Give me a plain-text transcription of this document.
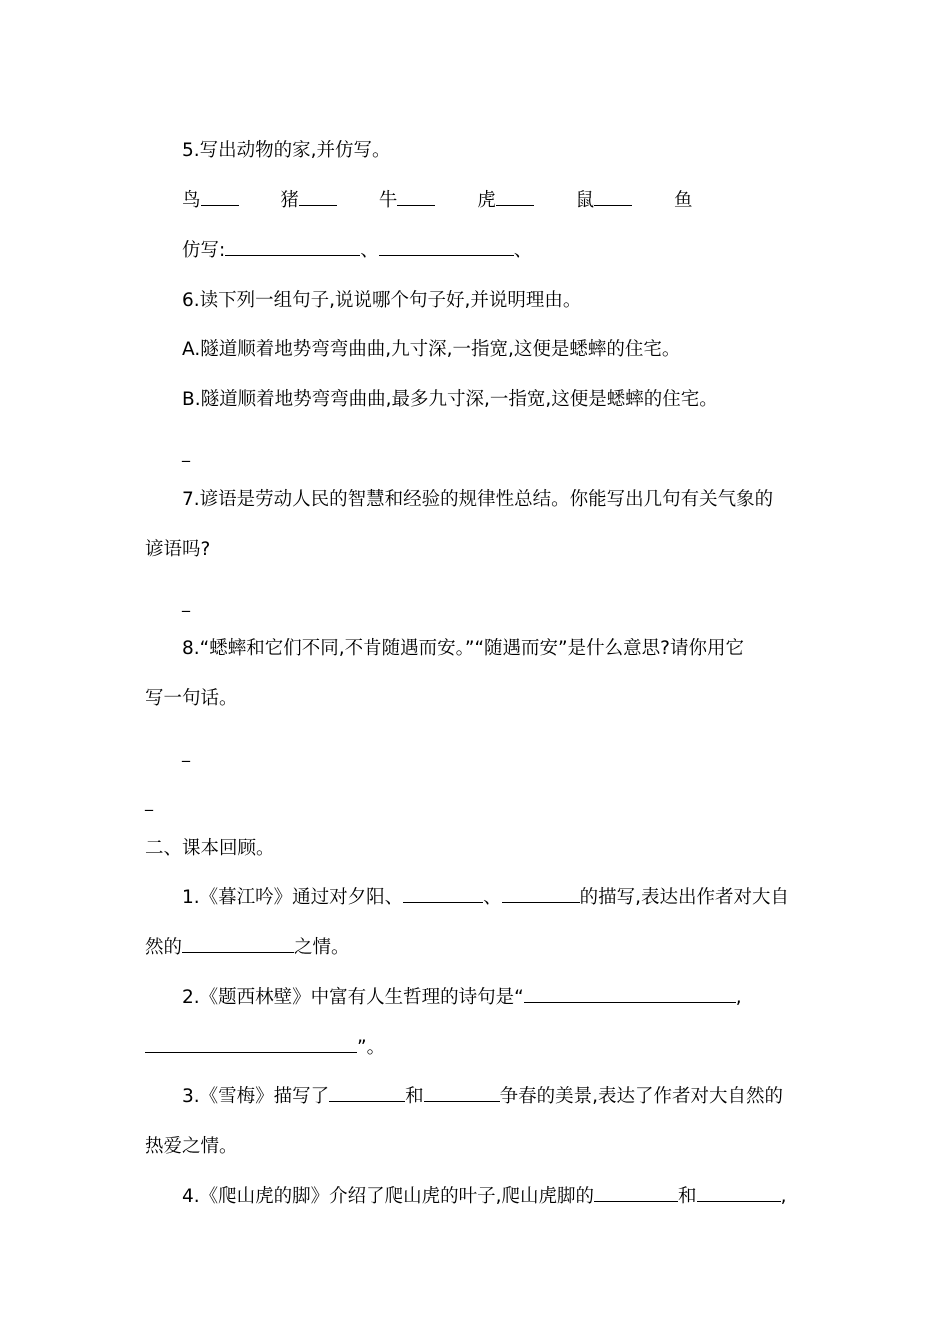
5.写出动物的家,并仿写。
鸟	猪	牛	虎	鼠	鱼
仿写:	、	、
6.读下列一组句子,说说哪个句子好,并说明理由。
A.隧道顺着地势弯弯曲曲,九寸深,一指宽,这便是蟋蟀的住宅。
B.隧道顺着地势弯弯曲曲,最多九寸深,一指宽,这便是蟋蟀的住宅。
_
7.谚语是劳动人民的智慧和经验的规律性总结。你能写出几句有关气象的
谚语吗?
_
8.“蟋蟀和它们不同,不肯随遇而安。”“随遇而安”是什么意思?请你用它
写一句话。
_
_
二、课本回顾。
1.《暮江吟》通过对夕阳、	、	的描写,表达出作者对大自
然的	之情。
2.《题西林壁》中富有人生哲理的诗句是“	,
”。
3.《雪梅》描写了	和	争春的美景,表达了作者对大自然的
热爱之情。
4.《爬山虎的脚》介绍了爬山虎的叶子,爬山虎脚的	和	,
